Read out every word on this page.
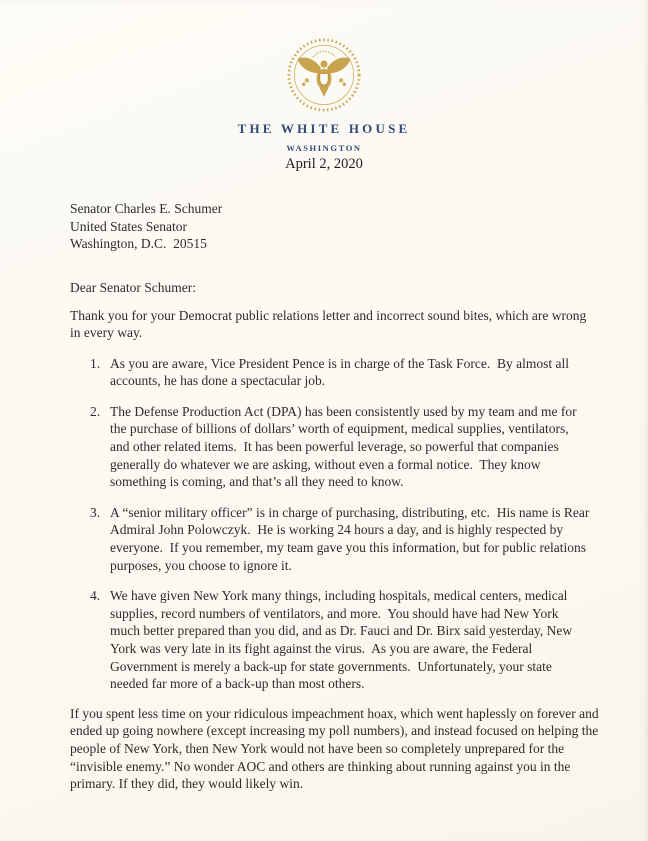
THE WHITE HOUSE
WASHINGTON
April 2, 2020
Senator Charles E. Schumer
United States Senator
Washington, D.C.  20515
Dear Senator Schumer:

Thank you for your Democrat public relations letter and incorrect sound bites, which are wrong in every way.

1. As you are aware, Vice President Pence is in charge of the Task Force.  By almost all accounts, he has done a spectacular job.
2. The Defense Production Act (DPA) has been consistently used by my team and me for the purchase of billions of dollars’ worth of equipment, medical supplies, ventilators, and other related items.  It has been powerful leverage, so powerful that companies generally do whatever we are asking, without even a formal notice.  They know something is coming, and that’s all they need to know.
3. A “senior military officer” is in charge of purchasing, distributing, etc.  His name is Rear Admiral John Polowczyk.  He is working 24 hours a day, and is highly respected by everyone.  If you remember, my team gave you this information, but for public relations purposes, you choose to ignore it.
4. We have given New York many things, including hospitals, medical centers, medical supplies, record numbers of ventilators, and more.  You should have had New York much better prepared than you did, and as Dr. Fauci and Dr. Birx said yesterday, New York was very late in its fight against the virus.  As you are aware, the Federal Government is merely a back-up for state governments.  Unfortunately, your state needed far more of a back-up than most others.

If you spent less time on your ridiculous impeachment hoax, which went haplessly on forever and ended up going nowhere (except increasing my poll numbers), and instead focused on helping the people of New York, then New York would not have been so completely unprepared for the “invisible enemy.” No wonder AOC and others are thinking about running against you in the primary. If they did, they would likely win.
